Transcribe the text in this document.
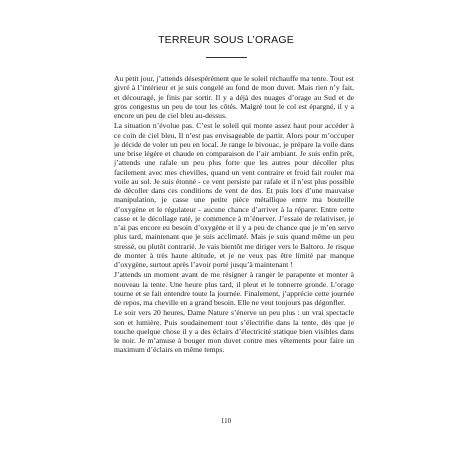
TERREUR SOUS L’ORAGE

Au petit jour, j’attends désespérément que le soleil réchauffe ma tente. Tout est givré à l’intérieur et je suis congelé au fond de mon duvet. Mais rien n’y fait, et découragé, je finis par sortir. Il y a déjà des nuages d’orage au Sud et de gros congestus un peu de tout les côtés. Malgré tout le col est épargné, il y a encore un peu de ciel bleu au-dessus.

La situation n’évolue pas. C’est le soleil qui monte assez haut pour accéder à ce coin de ciel bleu, Il n’est pas envisageable de partir. Alors pour m’occuper je décide de voler un peu en local. Je range le bivouac, je prépare la voile dans une brise légère et chaude en comparaison de l’air ambiant. Je suis enfin prêt, j’attends une rafale un peu plus forte que les autres pour décoller plus facilement avec mes chevilles, quand un vent contraire et froid fait rouler ma voile au sol. Je suis étonné - ce vent persiste par rafale et il n’est plus possible de décoller dans ces conditions de vent de dos. Et puis lors d’une mauvaise manipulation, je casse une petite pièce métallique entre ma bouteille d’oxygène et le régulateur - aucune chance d’arriver à la réparer. Entre cette casse et le décollage raté, je commence à m’énerver. J’essaie de relativiser, je n’ai pas encore eu besoin d’oxygène et il y a peu de chance que je m’en serve plus tard, maintenant que je suis acclimaté. Mais je suis quand même un peu stressé, ou plutôt contrarié. Je vais bientôt me diriger vers le Baltoro. Je risque de monter à très haute altitude, et je ne veux pas être limité par manque d’oxygène, surtout après l’avoir porté jusqu’à maintenant !

J’attends un moment avant de me résigner à ranger le parapente et monter à nouveau la tente. Une heure plus tard, il pleut et le tonnerre gronde. L’orage tourne et se fait entendre toute la journée. Finalement, j’apprécie cette journée de repos, ma cheville en a grand besoin. Elle ne veut toujours pas dégonfler.

Le soir vers 20 heures, Dame Nature s’énerve un peu plus : un vrai spectacle son et lumière. Puis soudainement tout s’électrifie dans la tente, dès que je touche quelque chose il y a des éclairs d’électricité statique bien visibles dans le noir. Je m’amuse à bouger mon duvet contre mes vêtements pour faire un maximum d’éclairs en même temps.

110
